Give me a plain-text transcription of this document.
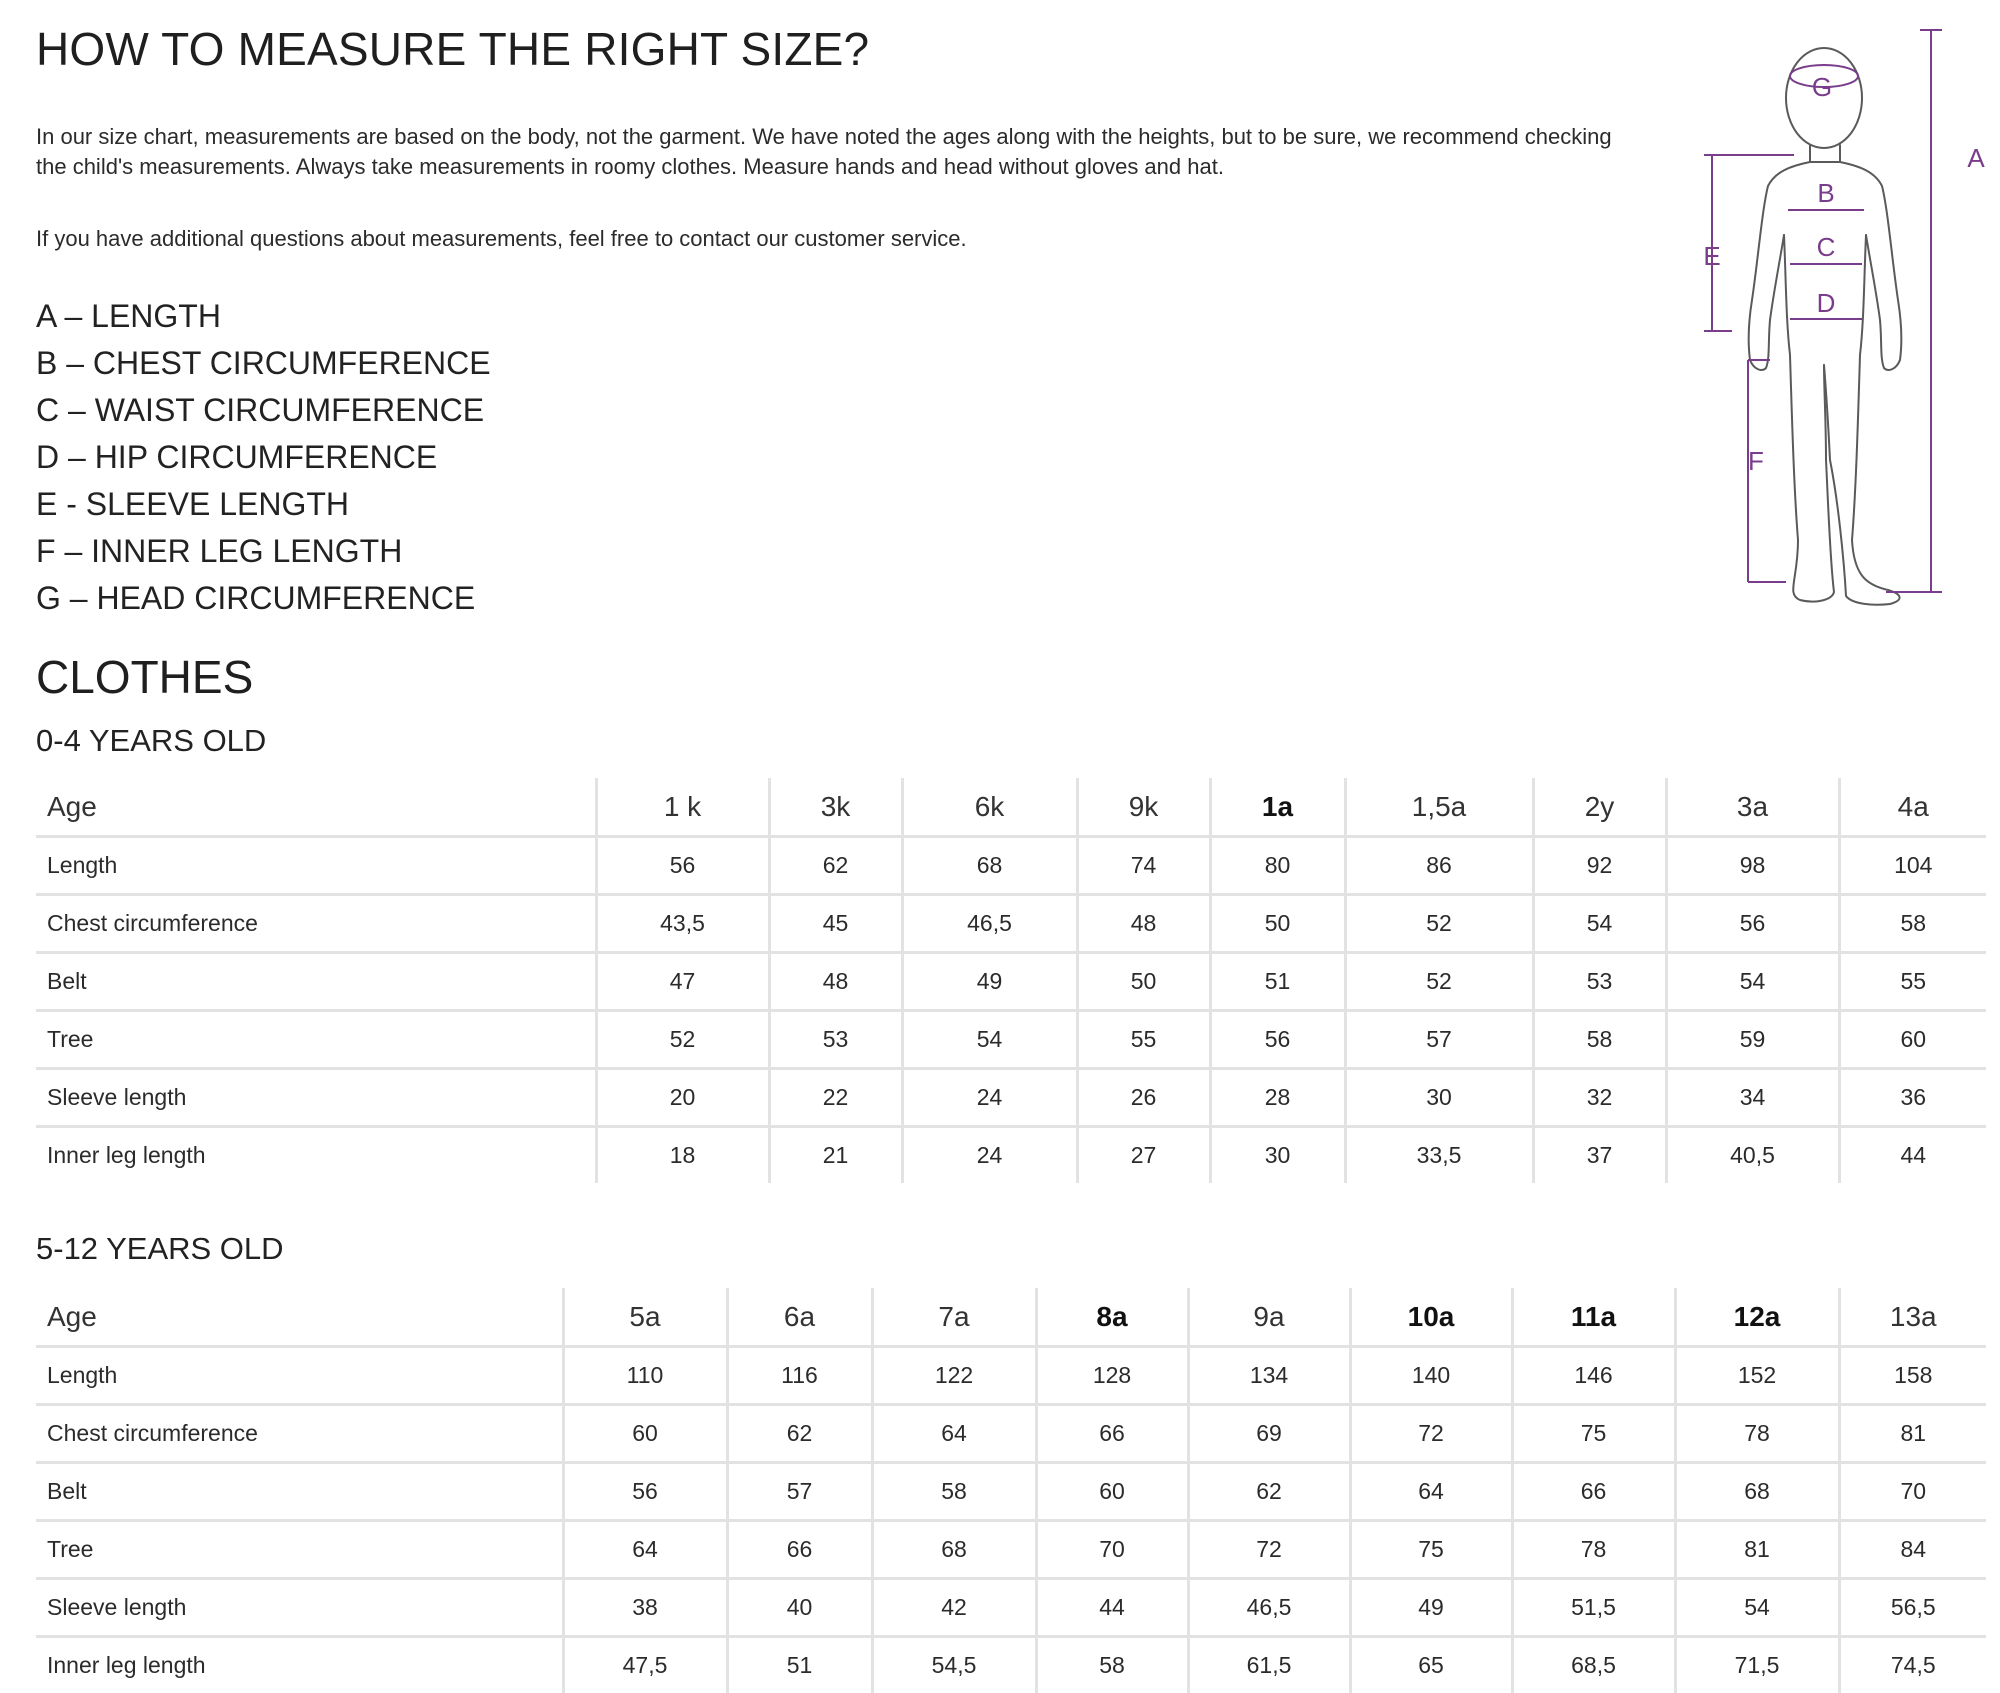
HOW TO MEASURE THE RIGHT SIZE?

In our size chart, measurements are based on the body, not the garment. We have noted the ages along with the heights, but to be sure, we recommend checking the child's measurements. Always take measurements in roomy clothes. Measure hands and head without gloves and hat.

If you have additional questions about measurements, feel free to contact our customer service.

A – LENGTH
B – CHEST CIRCUMFERENCE
C – WAIST CIRCUMFERENCE
D – HIP CIRCUMFERENCE
E - SLEEVE LENGTH
F – INNER LEG LENGTH
G – HEAD CIRCUMFERENCE
G
A
B
C
D
E
F
CLOTHES
0-4 YEARS OLD
Age	1 k	3k	6k	9k	1a	1,5a	2y	3a	4a
Length	56	62	68	74	80	86	92	98	104
Chest circumference	43,5	45	46,5	48	50	52	54	56	58
Belt	47	48	49	50	51	52	53	54	55
Tree	52	53	54	55	56	57	58	59	60
Sleeve length	20	22	24	26	28	30	32	34	36
Inner leg length	18	21	24	27	30	33,5	37	40,5	44
5-12 YEARS OLD
Age	5a	6a	7a	8a	9a	10a	11a	12a	13a
Length	110	116	122	128	134	140	146	152	158
Chest circumference	60	62	64	66	69	72	75	78	81
Belt	56	57	58	60	62	64	66	68	70
Tree	64	66	68	70	72	75	78	81	84
Sleeve length	38	40	42	44	46,5	49	51,5	54	56,5
Inner leg length	47,5	51	54,5	58	61,5	65	68,5	71,5	74,5
